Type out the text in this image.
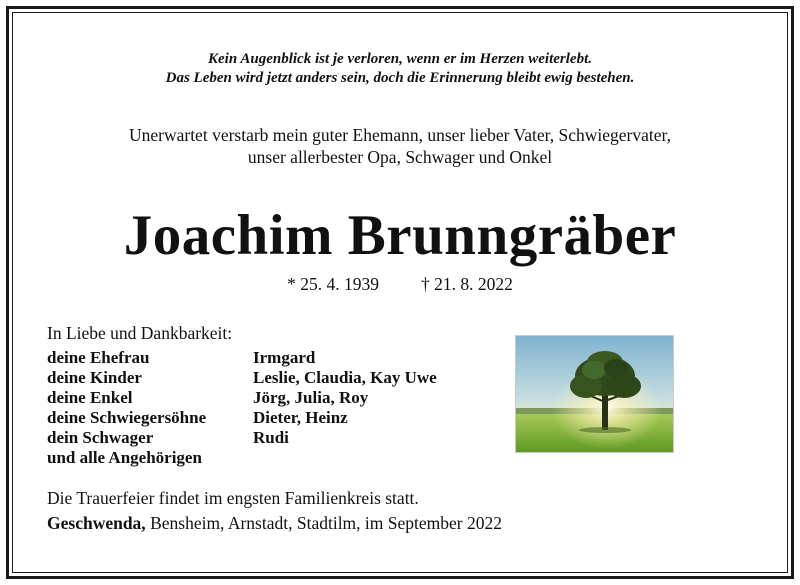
Kein Augenblick ist je verloren, wenn er im Herzen weiterlebt.
Das Leben wird jetzt anders sein, doch die Erinnerung bleibt ewig bestehen.
Unerwartet verstarb mein guter Ehemann, unser lieber Vater, Schwiegervater,
unser allerbester Opa, Schwager und Onkel
Joachim Brunngräber
* 25. 4. 1939 † 21. 8. 2022
In Liebe und Dankbarkeit:
deine Ehefrau	Irmgard
deine Kinder	Leslie, Claudia, Kay Uwe
deine Enkel	Jörg, Julia, Roy
deine Schwiegersöhne	Dieter, Heinz
dein Schwager	Rudi
und alle Angehörigen
Die Trauerfeier findet im engsten Familienkreis statt.
Geschwenda, Bensheim, Arnstadt, Stadtilm, im September 2022
